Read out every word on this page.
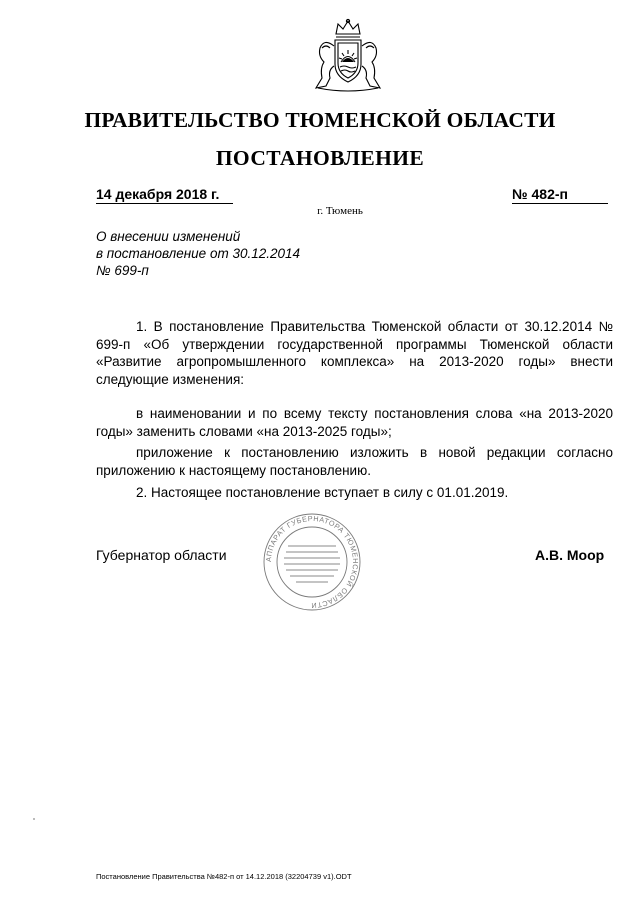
ПРАВИТЕЛЬСТВО ТЮМЕНСКОЙ ОБЛАСТИ
ПОСТАНОВЛЕНИЕ
14 декабря 2018 г.	№ 482-п
г. Тюмень
О внесении изменений
в постановление от 30.12.2014
№ 699-п
1. В постановление Правительства Тюменской области от 30.12.2014 № 699-п «Об утверждении государственной программы Тюменской области «Развитие агропромышленного комплекса» на 2013-2020 годы» внести следующие изменения:
в наименовании и по всему тексту постановления слова «на 2013-2020 годы» заменить словами «на 2013-2025 годы»;
приложение к постановлению изложить в новой редакции согласно приложению к настоящему постановлению.
2. Настоящее постановление вступает в силу с 01.01.2019.
Губернатор области	А.В. Моор
АППАРАТ ГУБЕРНАТОРА ТЮМЕНСКОЙ ОБЛАСТИ
Постановление Правительства №482-п от 14.12.2018 (32204739 v1).ODT
